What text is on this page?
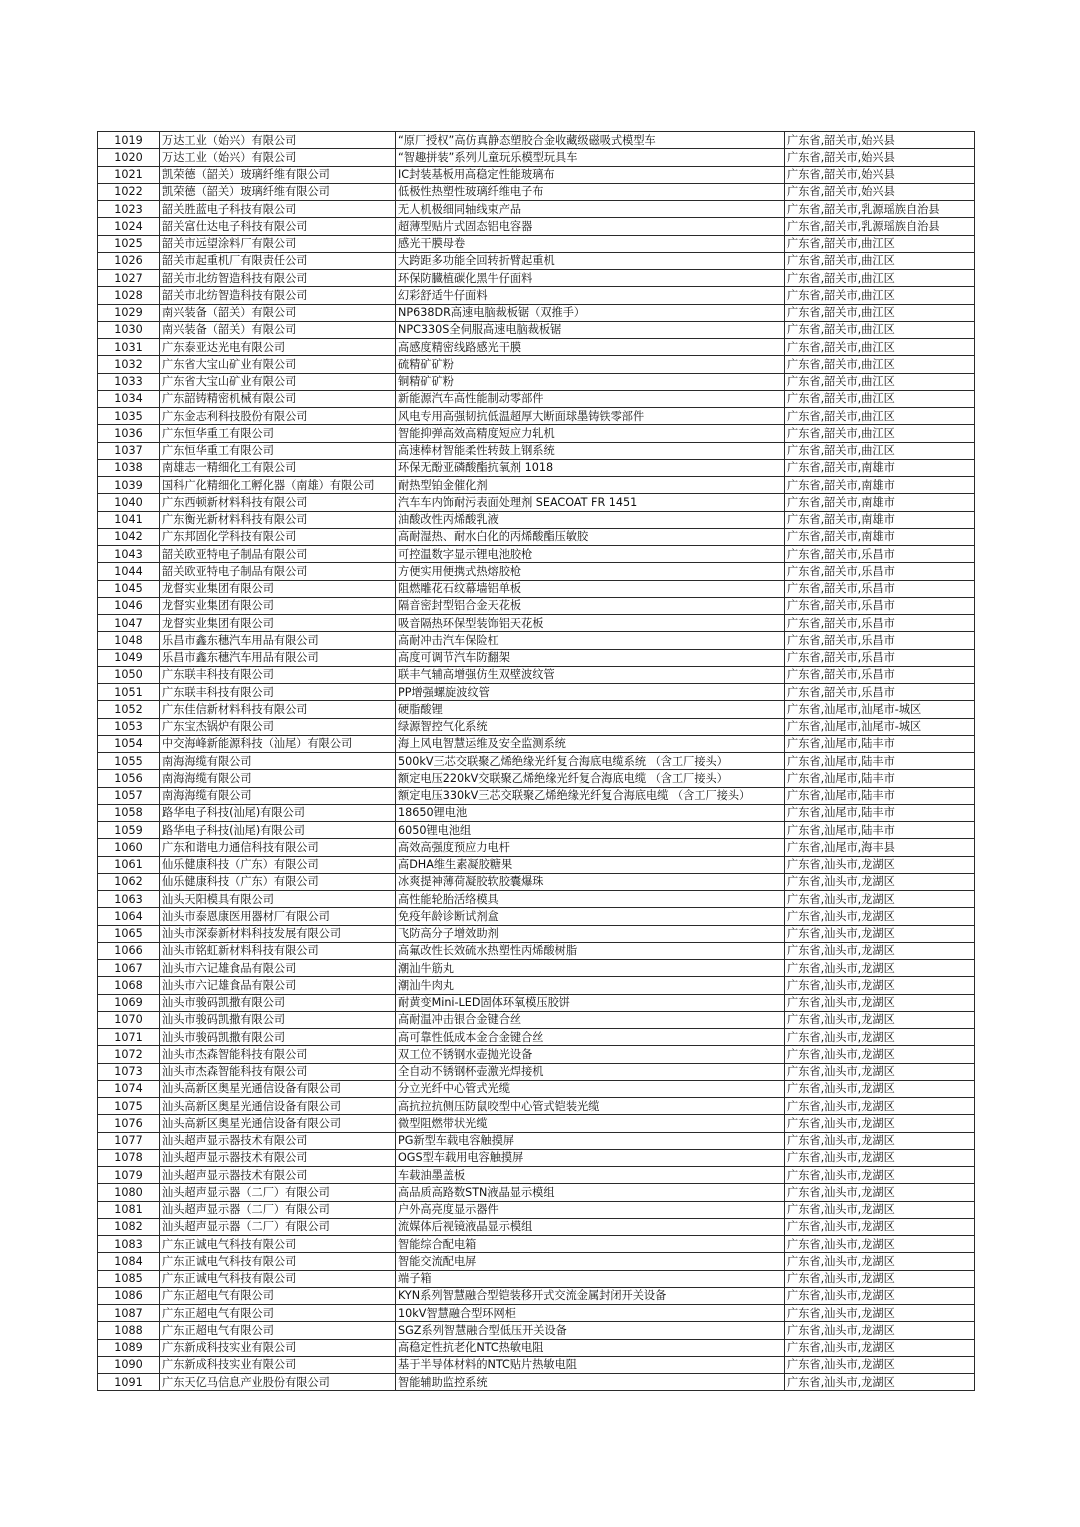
1019	万达工业（始兴）有限公司	“原厂授权”高仿真静态塑胶合金收藏级磁吸式模型车	广东省,韶关市,始兴县
1020	万达工业（始兴）有限公司	“智趣拼装”系列儿童玩乐模型玩具车	广东省,韶关市,始兴县
1021	凯荣德（韶关）玻璃纤维有限公司	IC封装基板用高稳定性能玻璃布	广东省,韶关市,始兴县
1022	凯荣德（韶关）玻璃纤维有限公司	低极性热塑性玻璃纤维电子布	广东省,韶关市,始兴县
1023	韶关胜蓝电子科技有限公司	无人机极细同轴线束产品	广东省,韶关市,乳源瑶族自治县
1024	韶关富仕达电子科技有限公司	超薄型贴片式固态铝电容器	广东省,韶关市,乳源瑶族自治县
1025	韶关市远望涂料厂有限公司	感光干膜母卷	广东省,韶关市,曲江区
1026	韶关市起重机厂有限责任公司	大跨距多功能全回转折臂起重机	广东省,韶关市,曲江区
1027	韶关市北纺智造科技有限公司	环保防臓植碳化黑牛仔面料	广东省,韶关市,曲江区
1028	韶关市北纺智造科技有限公司	幻彩舒适牛仔面料	广东省,韶关市,曲江区
1029	南兴装备（韶关）有限公司	NP638DR高速电脑裁板锯（双推手）	广东省,韶关市,曲江区
1030	南兴装备（韶关）有限公司	NPC330S全伺服高速电脑裁板锯	广东省,韶关市,曲江区
1031	广东泰亚达光电有限公司	高感度精密线路感光干膜	广东省,韶关市,曲江区
1032	广东省大宝山矿业有限公司	硫精矿矿粉	广东省,韶关市,曲江区
1033	广东省大宝山矿业有限公司	铜精矿矿粉	广东省,韶关市,曲江区
1034	广东韶铸精密机械有限公司	新能源汽车高性能制动零部件	广东省,韶关市,曲江区
1035	广东金志利科技股份有限公司	风电专用高强韧抗低温超厚大断面球墨铸铁零部件	广东省,韶关市,曲江区
1036	广东恒华重工有限公司	智能抑弹高效高精度短应力轧机	广东省,韶关市,曲江区
1037	广东恒华重工有限公司	高速棒材智能柔性转鼓上钢系统	广东省,韶关市,曲江区
1038	南雄志一精细化工有限公司	环保无酚亚磷酸酯抗氧剂 1018	广东省,韶关市,南雄市
1039	国科广化精细化工孵化器（南雄）有限公司	耐热型铂金催化剂	广东省,韶关市,南雄市
1040	广东西顿新材料科技有限公司	汽车车内饰耐污表面处理剂 SEACOAT FR 1451	广东省,韶关市,南雄市
1041	广东衡光新材料科技有限公司	油酸改性丙烯酸乳液	广东省,韶关市,南雄市
1042	广东邦固化学科技有限公司	高耐湿热、耐水白化的丙烯酸酯压敏胶	广东省,韶关市,南雄市
1043	韶关欧亚特电子制品有限公司	可控温数字显示锂电池胶枪	广东省,韶关市,乐昌市
1044	韶关欧亚特电子制品有限公司	方便实用便携式热熔胶枪	广东省,韶关市,乐昌市
1045	龙督实业集团有限公司	阻燃雕花石纹幕墙铝单板	广东省,韶关市,乐昌市
1046	龙督实业集团有限公司	隔音密封型铝合金天花板	广东省,韶关市,乐昌市
1047	龙督实业集团有限公司	吸音隔热环保型装饰铝天花板	广东省,韶关市,乐昌市
1048	乐昌市鑫东穗汽车用品有限公司	高耐冲击汽车保险杠	广东省,韶关市,乐昌市
1049	乐昌市鑫东穗汽车用品有限公司	高度可调节汽车防翻架	广东省,韶关市,乐昌市
1050	广东联丰科技有限公司	联丰气辅高增强仿生双壁波纹管	广东省,韶关市,乐昌市
1051	广东联丰科技有限公司	PP增强螺旋波纹管	广东省,韶关市,乐昌市
1052	广东佳信新材料科技有限公司	硬脂酸锂	广东省,汕尾市,汕尾市-城区
1053	广东宝杰锅炉有限公司	绿源智控气化系统	广东省,汕尾市,汕尾市-城区
1054	中交海峰新能源科技（汕尾）有限公司	海上风电智慧运维及安全监测系统	广东省,汕尾市,陆丰市
1055	南海海缆有限公司	500kV三芯交联聚乙烯绝缘光纤复合海底电缆系统 （含工厂接头）	广东省,汕尾市,陆丰市
1056	南海海缆有限公司	额定电压220kV交联聚乙烯绝缘光纤复合海底电缆 （含工厂接头）	广东省,汕尾市,陆丰市
1057	南海海缆有限公司	额定电压330kV三芯交联聚乙烯绝缘光纤复合海底电缆 （含工厂接头）	广东省,汕尾市,陆丰市
1058	路华电子科技(汕尾)有限公司	18650锂电池	广东省,汕尾市,陆丰市
1059	路华电子科技(汕尾)有限公司	6050锂电池组	广东省,汕尾市,陆丰市
1060	广东和谐电力通信科技有限公司	高效高强度预应力电杆	广东省,汕尾市,海丰县
1061	仙乐健康科技（广东）有限公司	高DHA维生素凝胶糖果	广东省,汕头市,龙湖区
1062	仙乐健康科技（广东）有限公司	冰爽提神薄荷凝胶软胶囊爆珠	广东省,汕头市,龙湖区
1063	汕头天阳模具有限公司	高性能轮胎活络模具	广东省,汕头市,龙湖区
1064	汕头市泰恩康医用器材厂有限公司	免疫年龄诊断试剂盒	广东省,汕头市,龙湖区
1065	汕头市深泰新材料科技发展有限公司	飞防高分子增效助剂	广东省,汕头市,龙湖区
1066	汕头市铭虹新材料科技有限公司	高氟改性长效硫水热塑性丙烯酸树脂	广东省,汕头市,龙湖区
1067	汕头市六记雄食品有限公司	潮汕牛筋丸	广东省,汕头市,龙湖区
1068	汕头市六记雄食品有限公司	潮汕牛肉丸	广东省,汕头市,龙湖区
1069	汕头市骏码凯撒有限公司	耐黄变Mini-LED固体环氧模压胶饼	广东省,汕头市,龙湖区
1070	汕头市骏码凯撒有限公司	高耐温冲击银合金键合丝	广东省,汕头市,龙湖区
1071	汕头市骏码凯撒有限公司	高可靠性低成本金合金键合丝	广东省,汕头市,龙湖区
1072	汕头市杰森智能科技有限公司	双工位不锈钢水壶抛光设备	广东省,汕头市,龙湖区
1073	汕头市杰森智能科技有限公司	全自动不锈钢杯壶激光焊接机	广东省,汕头市,龙湖区
1074	汕头高新区奥星光通信设备有限公司	分立光纤中心管式光缆	广东省,汕头市,龙湖区
1075	汕头高新区奥星光通信设备有限公司	高抗拉抗侧压防鼠咬型中心管式铠装光缆	广东省,汕头市,龙湖区
1076	汕头高新区奥星光通信设备有限公司	微型阻燃带状光缆	广东省,汕头市,龙湖区
1077	汕头超声显示器技术有限公司	PG新型车载电容触摸屏	广东省,汕头市,龙湖区
1078	汕头超声显示器技术有限公司	OGS型车载用电容触摸屏	广东省,汕头市,龙湖区
1079	汕头超声显示器技术有限公司	车载油墨盖板	广东省,汕头市,龙湖区
1080	汕头超声显示器（二厂）有限公司	高品质高路数STN液晶显示模组	广东省,汕头市,龙湖区
1081	汕头超声显示器（二厂）有限公司	户外高亮度显示器件	广东省,汕头市,龙湖区
1082	汕头超声显示器（二厂）有限公司	流媒体后视镜液晶显示模组	广东省,汕头市,龙湖区
1083	广东正诚电气科技有限公司	智能综合配电箱	广东省,汕头市,龙湖区
1084	广东正诚电气科技有限公司	智能交流配电屏	广东省,汕头市,龙湖区
1085	广东正诚电气科技有限公司	端子箱	广东省,汕头市,龙湖区
1086	广东正超电气有限公司	KYN系列智慧融合型铠装移开式交流金属封闭开关设备	广东省,汕头市,龙湖区
1087	广东正超电气有限公司	10kV智慧融合型环网柜	广东省,汕头市,龙湖区
1088	广东正超电气有限公司	SGZ系列智慧融合型低压开关设备	广东省,汕头市,龙湖区
1089	广东新成科技实业有限公司	高稳定性抗老化NTC热敏电阻	广东省,汕头市,龙湖区
1090	广东新成科技实业有限公司	基于半导体材料的NTC贴片热敏电阻	广东省,汕头市,龙湖区
1091	广东天亿马信息产业股份有限公司	智能辅助监控系统	广东省,汕头市,龙湖区
